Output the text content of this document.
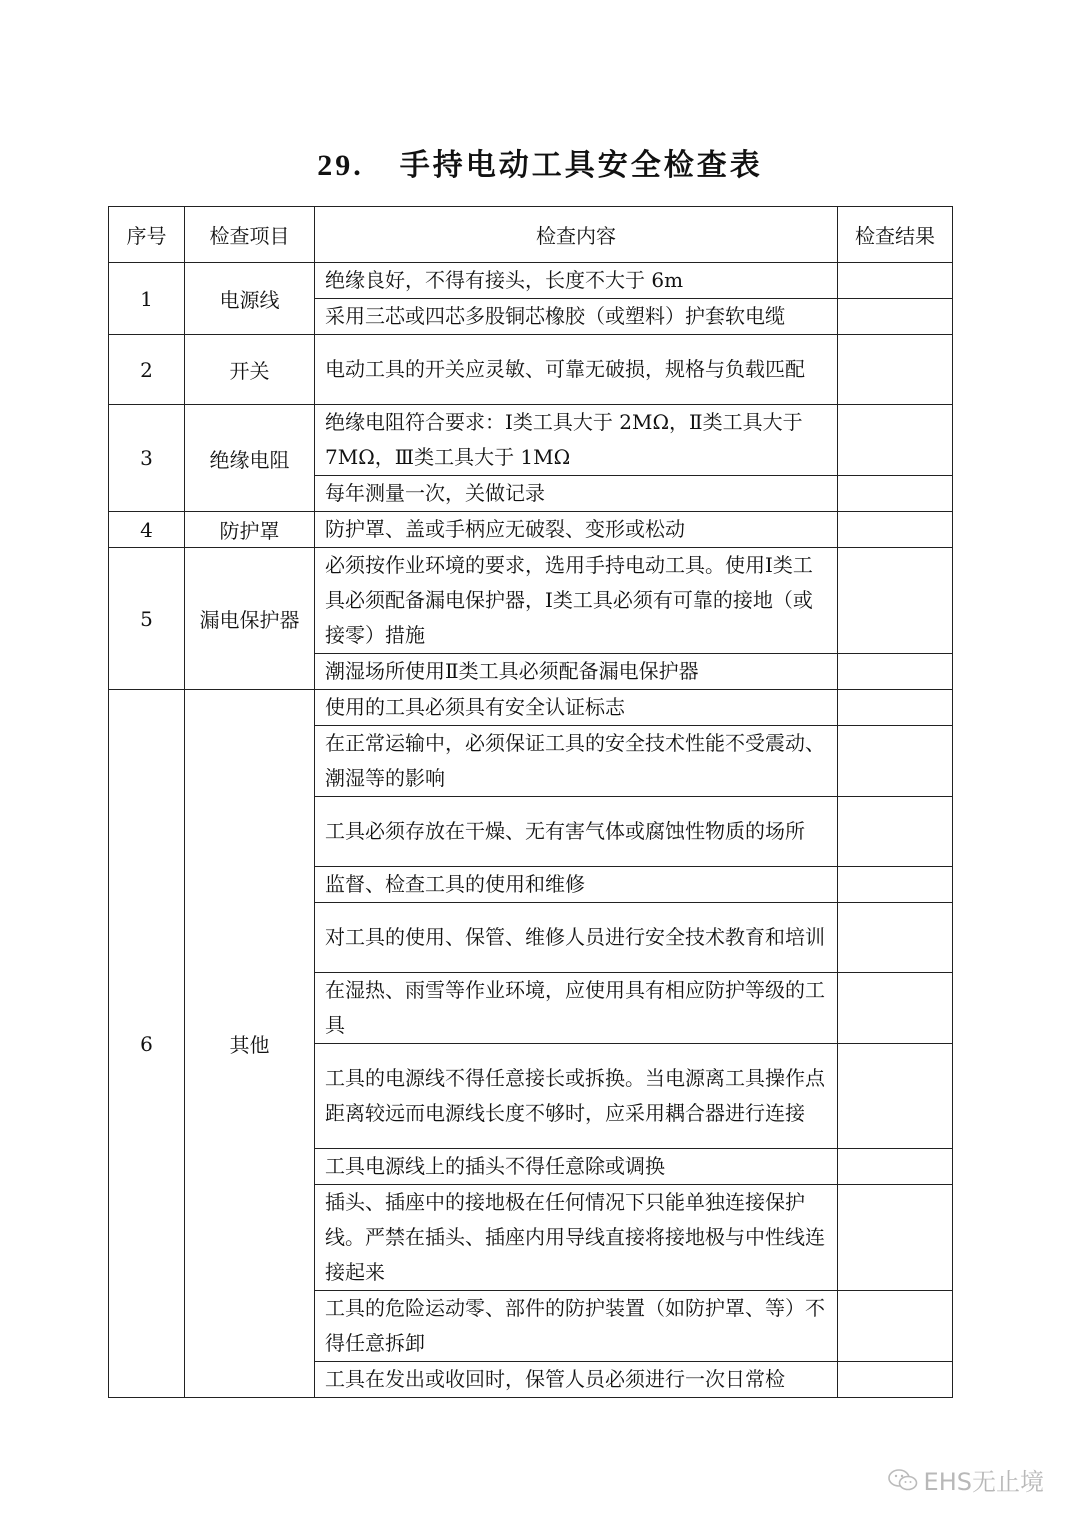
29. 手持电动工具安全检查表
序号	检查项目	检查内容	检查结果
1	电源线	绝缘良好，不得有接头，长度不大于 6m	
		采用三芯或四芯多股铜芯橡胶（或塑料）护套软电缆	
2	开关	电动工具的开关应灵敏、可靠无破损，规格与负载匹配	
3	绝缘电阻	绝缘电阻符合要求：Ⅰ类工具大于 2MΩ，Ⅱ类工具大于 7MΩ，Ⅲ类工具大于 1MΩ	
		每年测量一次，关做记录	
4	防护罩	防护罩、盖或手柄应无破裂、变形或松动	
5	漏电保护器	必须按作业环境的要求，选用手持电动工具。使用Ⅰ类工具必须配备漏电保护器，Ⅰ类工具必须有可靠的接地（或接零）措施	
		潮湿场所使用Ⅱ类工具必须配备漏电保护器	
6	其他	使用的工具必须具有安全认证标志	
		在正常运输中，必须保证工具的安全技术性能不受震动、潮湿等的影响	
		工具必须存放在干燥、无有害气体或腐蚀性物质的场所	
		监督、检查工具的使用和维修	
		对工具的使用、保管、维修人员进行安全技术教育和培训	
		在湿热、雨雪等作业环境，应使用具有相应防护等级的工具	
		工具的电源线不得任意接长或拆换。当电源离工具操作点距离较远而电源线长度不够时，应采用耦合器进行连接	
		工具电源线上的插头不得任意除或调换	
		插头、插座中的接地极在任何情况下只能单独连接保护线。严禁在插头、插座内用导线直接将接地极与中性线连接起来	
		工具的危险运动零、部件的防护装置（如防护罩、等）不得任意拆卸	
		工具在发出或收回时，保管人员必须进行一次日常检	
EHS无止境
